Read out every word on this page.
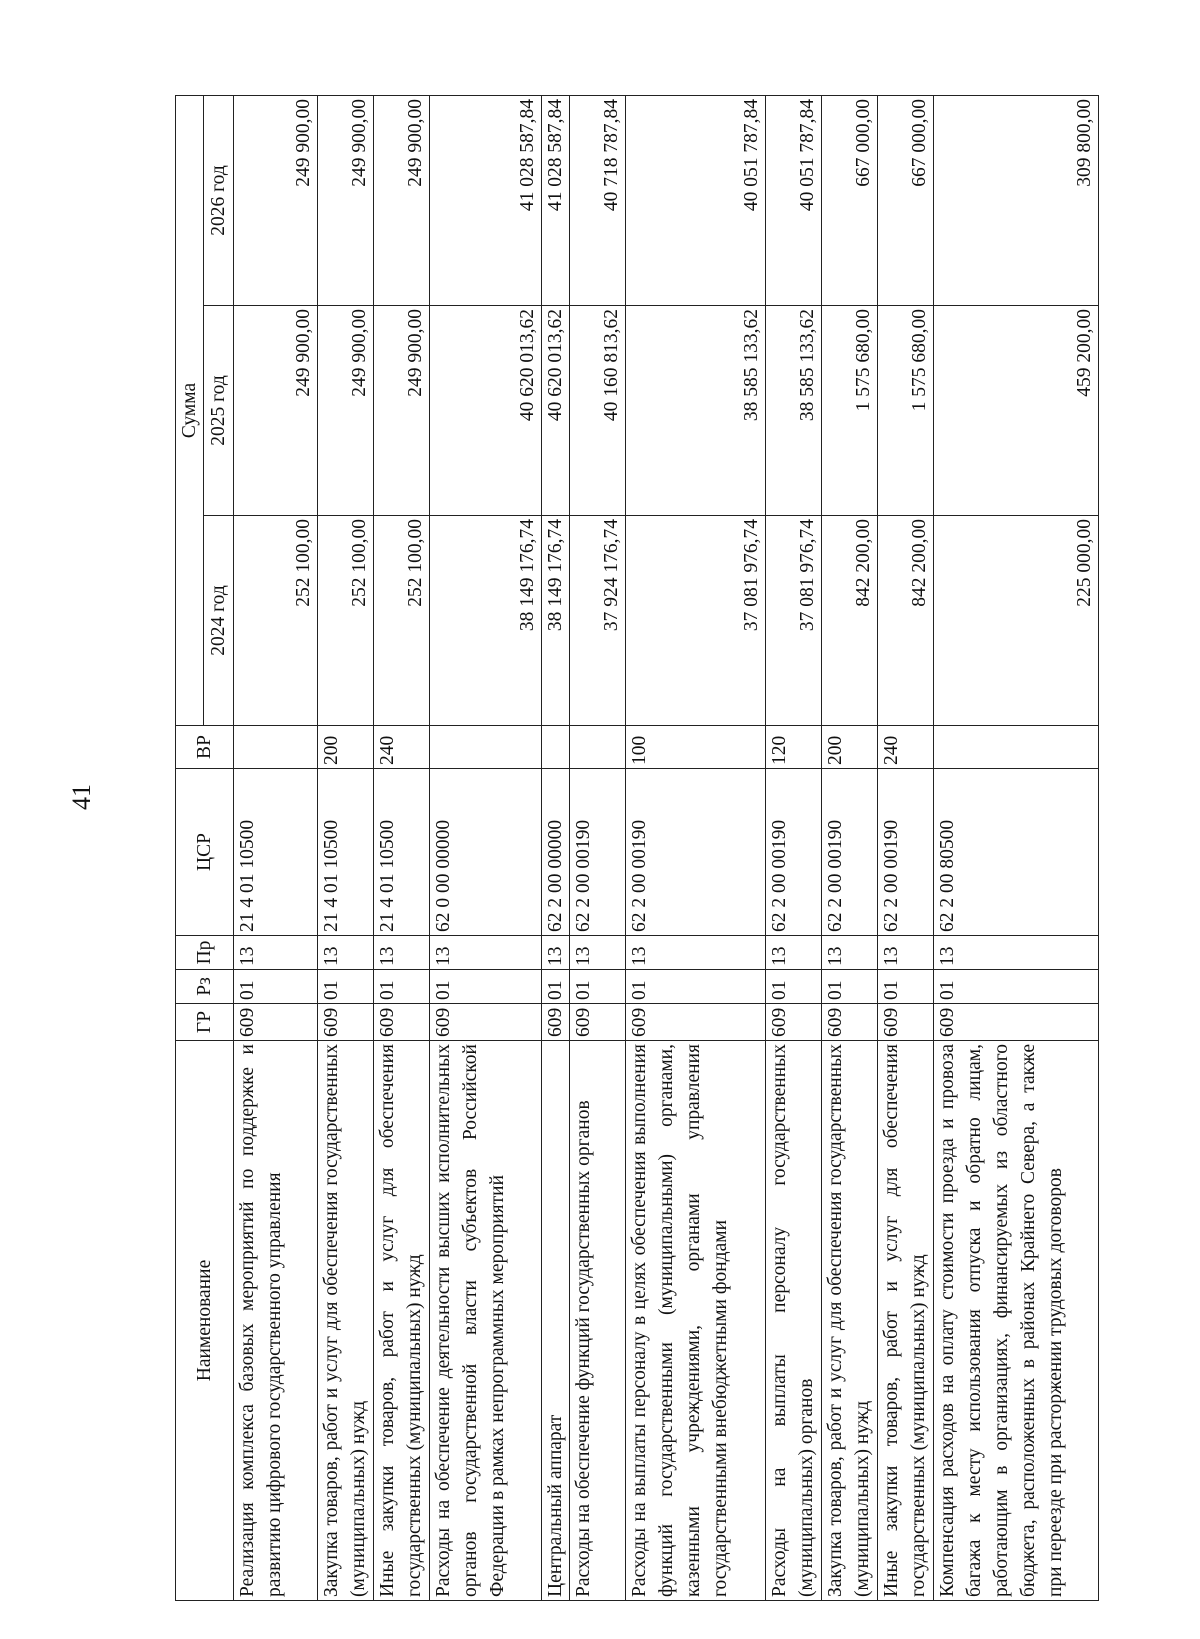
41
Наименование	ГР	Рз	Пр	ЦСР	ВР	Сумма		
						2024 год	2025 год	2026 год
Реализация комплекса базовых мероприятий по поддержке и развитию цифрового государственного управления	609	01	13	21 4 01 10500		252 100,00	249 900,00	249 900,00
Закупка товаров, работ и услуг для обеспечения государственных (муниципальных) нужд	609	01	13	21 4 01 10500	200	252 100,00	249 900,00	249 900,00
Иные закупки товаров, работ и услуг для обеспечения государственных (муниципальных) нужд	609	01	13	21 4 01 10500	240	252 100,00	249 900,00	249 900,00
Расходы на обеспечение деятельности высших исполнительных органов государственной власти субъектов Российской Федерации в рамках непрограммных мероприятий	609	01	13	62 0 00 00000		38 149 176,74	40 620 013,62	41 028 587,84
Центральный аппарат	609	01	13	62 2 00 00000		38 149 176,74	40 620 013,62	41 028 587,84
Расходы на обеспечение функций государственных органов	609	01	13	62 2 00 00190		37 924 176,74	40 160 813,62	40 718 787,84
Расходы на выплаты персоналу в целях обеспечения выполнения функций государственными (муниципальными) органами, казенными учреждениями, органами управления государственными внебюджетными фондами	609	01	13	62 2 00 00190	100	37 081 976,74	38 585 133,62	40 051 787,84
Расходы на выплаты персоналу государственных (муниципальных) органов	609	01	13	62 2 00 00190	120	37 081 976,74	38 585 133,62	40 051 787,84
Закупка товаров, работ и услуг для обеспечения государственных (муниципальных) нужд	609	01	13	62 2 00 00190	200	842 200,00	1 575 680,00	667 000,00
Иные закупки товаров, работ и услуг для обеспечения государственных (муниципальных) нужд	609	01	13	62 2 00 00190	240	842 200,00	1 575 680,00	667 000,00
Компенсация расходов на оплату стоимости проезда и провоза багажа к месту использования отпуска и обратно лицам, работающим в организациях, финансируемых из областного бюджета, расположенных в районах Крайнего Севера, а также при переезде при расторжении трудовых договоров	609	01	13	62 2 00 80500		225 000,00	459 200,00	309 800,00
